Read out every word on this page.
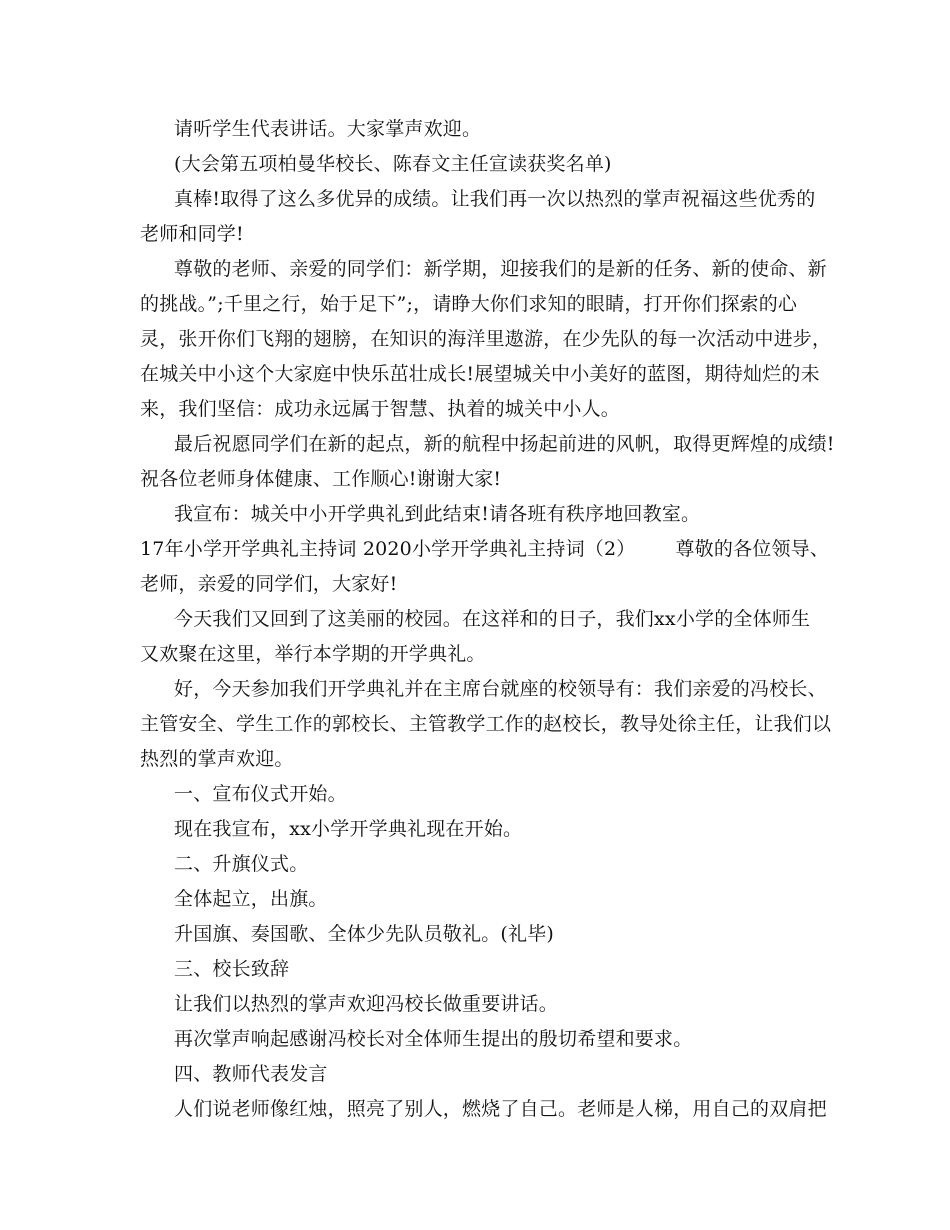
请听学生代表讲话。大家掌声欢迎。
(大会第五项柏曼华校长、陈春文主任宣读获奖名单)
真棒!取得了这么多优异的成绩。让我们再一次以热烈的掌声祝福这些优秀的
老师和同学!
尊敬的老师、亲爱的同学们：新学期，迎接我们的是新的任务、新的使命、新
的挑战。”;千里之行，始于足下”;，请睁大你们求知的眼睛，打开你们探索的心
灵，张开你们飞翔的翅膀，在知识的海洋里遨游，在少先队的每一次活动中进步，
在城关中小这个大家庭中快乐茁壮成长!展望城关中小美好的蓝图，期待灿烂的未
来，我们坚信：成功永远属于智慧、执着的城关中小人。
最后祝愿同学们在新的起点，新的航程中扬起前进的风帆，取得更辉煌的成绩!
祝各位老师身体健康、工作顺心!谢谢大家!
我宣布：城关中小开学典礼到此结束!请各班有秩序地回教室。
17年小学开学典礼主持词 2020小学开学典礼主持词（2） 尊敬的各位领导、
老师，亲爱的同学们，大家好!
今天我们又回到了这美丽的校园。在这祥和的日子，我们xx小学的全体师生
又欢聚在这里，举行本学期的开学典礼。
好，今天参加我们开学典礼并在主席台就座的校领导有：我们亲爱的冯校长、
主管安全、学生工作的郭校长、主管教学工作的赵校长，教导处徐主任，让我们以
热烈的掌声欢迎。
一、宣布仪式开始。
现在我宣布，xx小学开学典礼现在开始。
二、升旗仪式。
全体起立，出旗。
升国旗、奏国歌、全体少先队员敬礼。(礼毕)
三、校长致辞
让我们以热烈的掌声欢迎冯校长做重要讲话。
再次掌声响起感谢冯校长对全体师生提出的殷切希望和要求。
四、教师代表发言
人们说老师像红烛，照亮了别人，燃烧了自己。老师是人梯，用自己的双肩把
